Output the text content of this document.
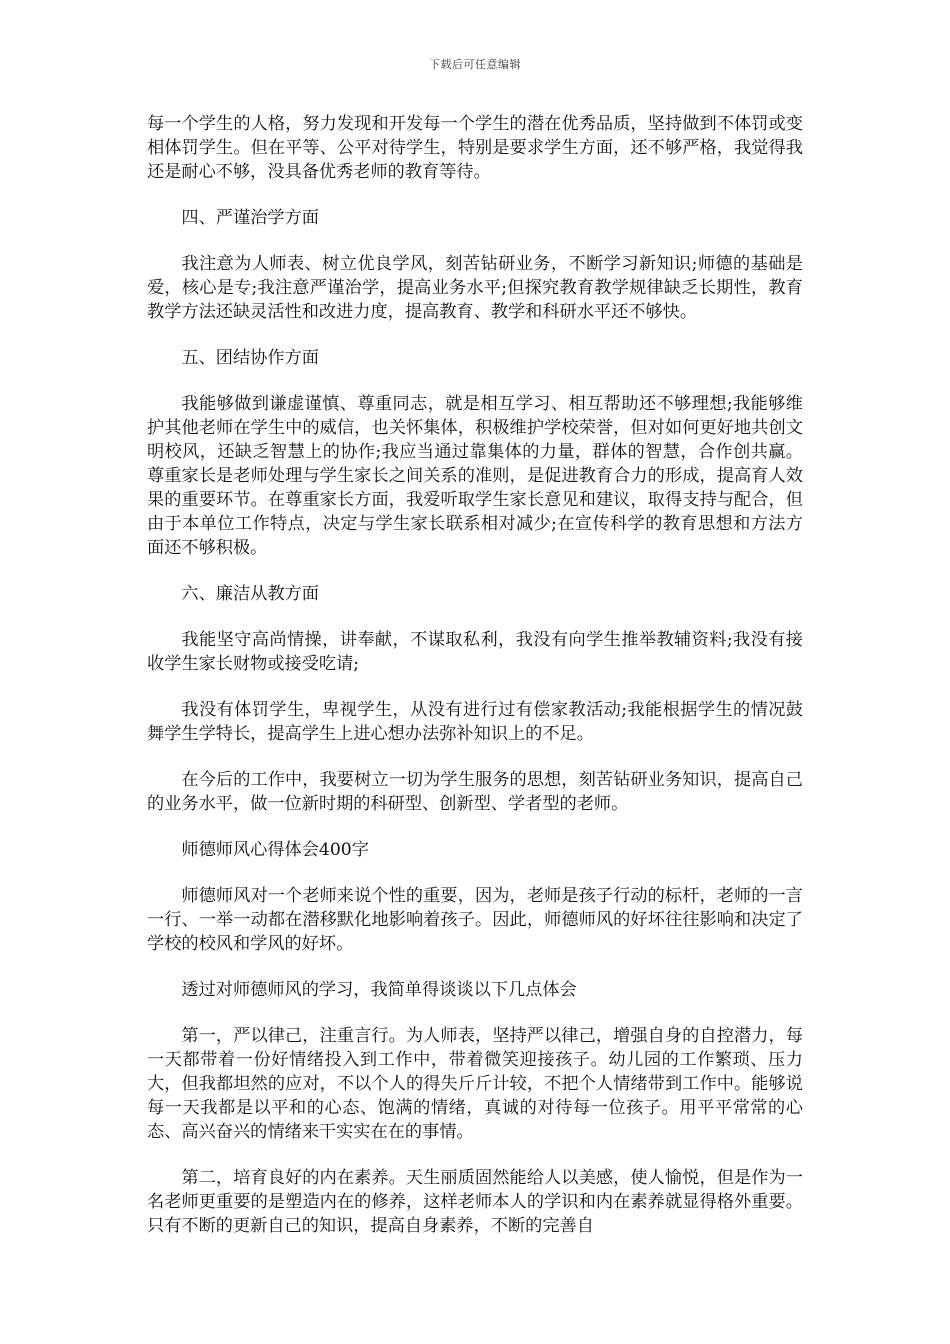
下载后可任意编辑

每一个学生的人格，努力发现和开发每一个学生的潜在优秀品质，坚持做到不体罚或变相体罚学生。但在平等、公平对待学生，特别是要求学生方面，还不够严格，我觉得我还是耐心不够，没具备优秀老师的教育等待。

四、严谨治学方面

我注意为人师表、树立优良学风，刻苦钻研业务，不断学习新知识;师德的基础是爱，核心是专;我注意严谨治学，提高业务水平;但探究教育教学规律缺乏长期性，教育教学方法还缺灵活性和改进力度，提高教育、教学和科研水平还不够快。

五、团结协作方面

我能够做到谦虚谨慎、尊重同志，就是相互学习、相互帮助还不够理想;我能够维护其他老师在学生中的威信，也关怀集体，积极维护学校荣誉，但对如何更好地共创文明校风，还缺乏智慧上的协作;我应当通过靠集体的力量，群体的智慧，合作创共赢。尊重家长是老师处理与学生家长之间关系的准则，是促进教育合力的形成，提高育人效果的重要环节。在尊重家长方面，我爱听取学生家长意见和建议，取得支持与配合，但由于本单位工作特点，决定与学生家长联系相对减少;在宣传科学的教育思想和方法方面还不够积极。

六、廉洁从教方面

我能坚守高尚情操，讲奉献，不谋取私利，我没有向学生推举教辅资料;我没有接收学生家长财物或接受吃请;

我没有体罚学生，卑视学生，从没有进行过有偿家教活动;我能根据学生的情况鼓舞学生学特长，提高学生上进心想办法弥补知识上的不足。

在今后的工作中，我要树立一切为学生服务的思想，刻苦钻研业务知识，提高自己的业务水平，做一位新时期的科研型、创新型、学者型的老师。

师德师风心得体会400字

师德师风对一个老师来说个性的重要，因为，老师是孩子行动的标杆，老师的一言一行、一举一动都在潜移默化地影响着孩子。因此，师德师风的好坏往往影响和决定了学校的校风和学风的好坏。

透过对师德师风的学习，我简单得谈谈以下几点体会

第一，严以律己，注重言行。为人师表，坚持严以律己，增强自身的自控潜力，每一天都带着一份好情绪投入到工作中，带着微笑迎接孩子。幼儿园的工作繁琐、压力大，但我都坦然的应对，不以个人的得失斤斤计较，不把个人情绪带到工作中。能够说每一天我都是以平和的心态、饱满的情绪，真诚的对待每一位孩子。用平平常常的心态、高兴奋兴的情绪来干实实在在的事情。

第二，培育良好的内在素养。天生丽质固然能给人以美感，使人愉悦，但是作为一名老师更重要的是塑造内在的修养，这样老师本人的学识和内在素养就显得格外重要。只有不断的更新自己的知识，提高自身素养，不断的完善自
